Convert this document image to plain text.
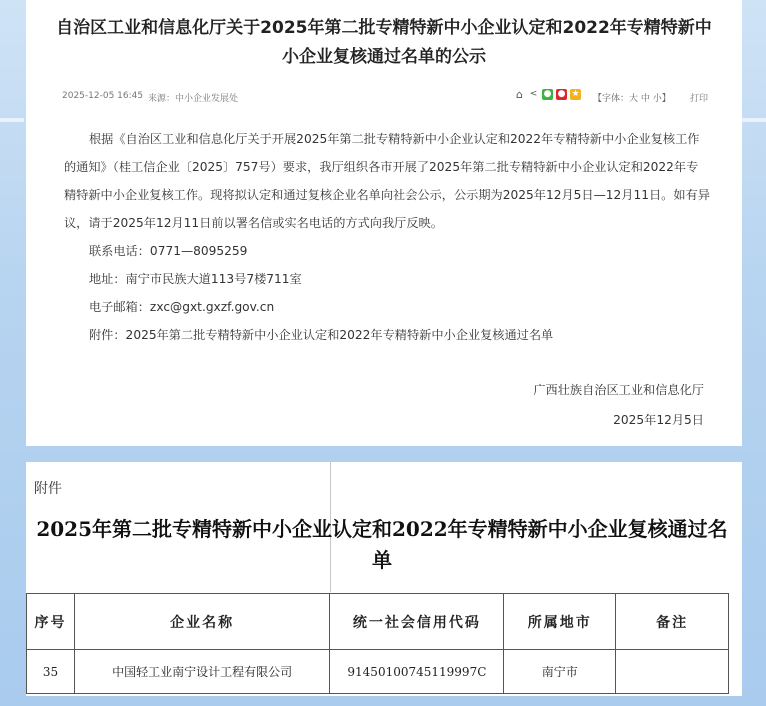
自治区工业和信息化厅关于2025年第二批专精特新中小企业认定和2022年专精特新中小企业复核通过名单的公示
2025-12-05 16:45 来源：中小企业发展处	⌂ < ● ● ★ 【字体：大 中 小】 打印

根据《自治区工业和信息化厅关于开展2025年第二批专精特新中小企业认定和2022年专精特新中小企业复核工作的通知》（桂工信企业〔2025〕757号）要求，我厅组织各市开展了2025年第二批专精特新中小企业认定和2022年专精特新中小企业复核工作。现将拟认定和通过复核企业名单向社会公示，公示期为2025年12月5日—12月11日。如有异议，请于2025年12月11日前以署名信或实名电话的方式向我厅反映。

联系电话：0771—8095259

地址：南宁市民族大道113号7楼711室

电子邮箱：zxc@gxt.gxzf.gov.cn

附件：2025年第二批专精特新中小企业认定和2022年专精特新中小企业复核通过名单

广西壮族自治区工业和信息化厅
2025年12月5日
附件
2025年第二批专精特新中小企业认定和2022年专精特新中小企业复核通过名单
序号	企业名称	统一社会信用代码	所属地市	备注
35	中国轻工业南宁设计工程有限公司	91450100745119997C	南宁市	
